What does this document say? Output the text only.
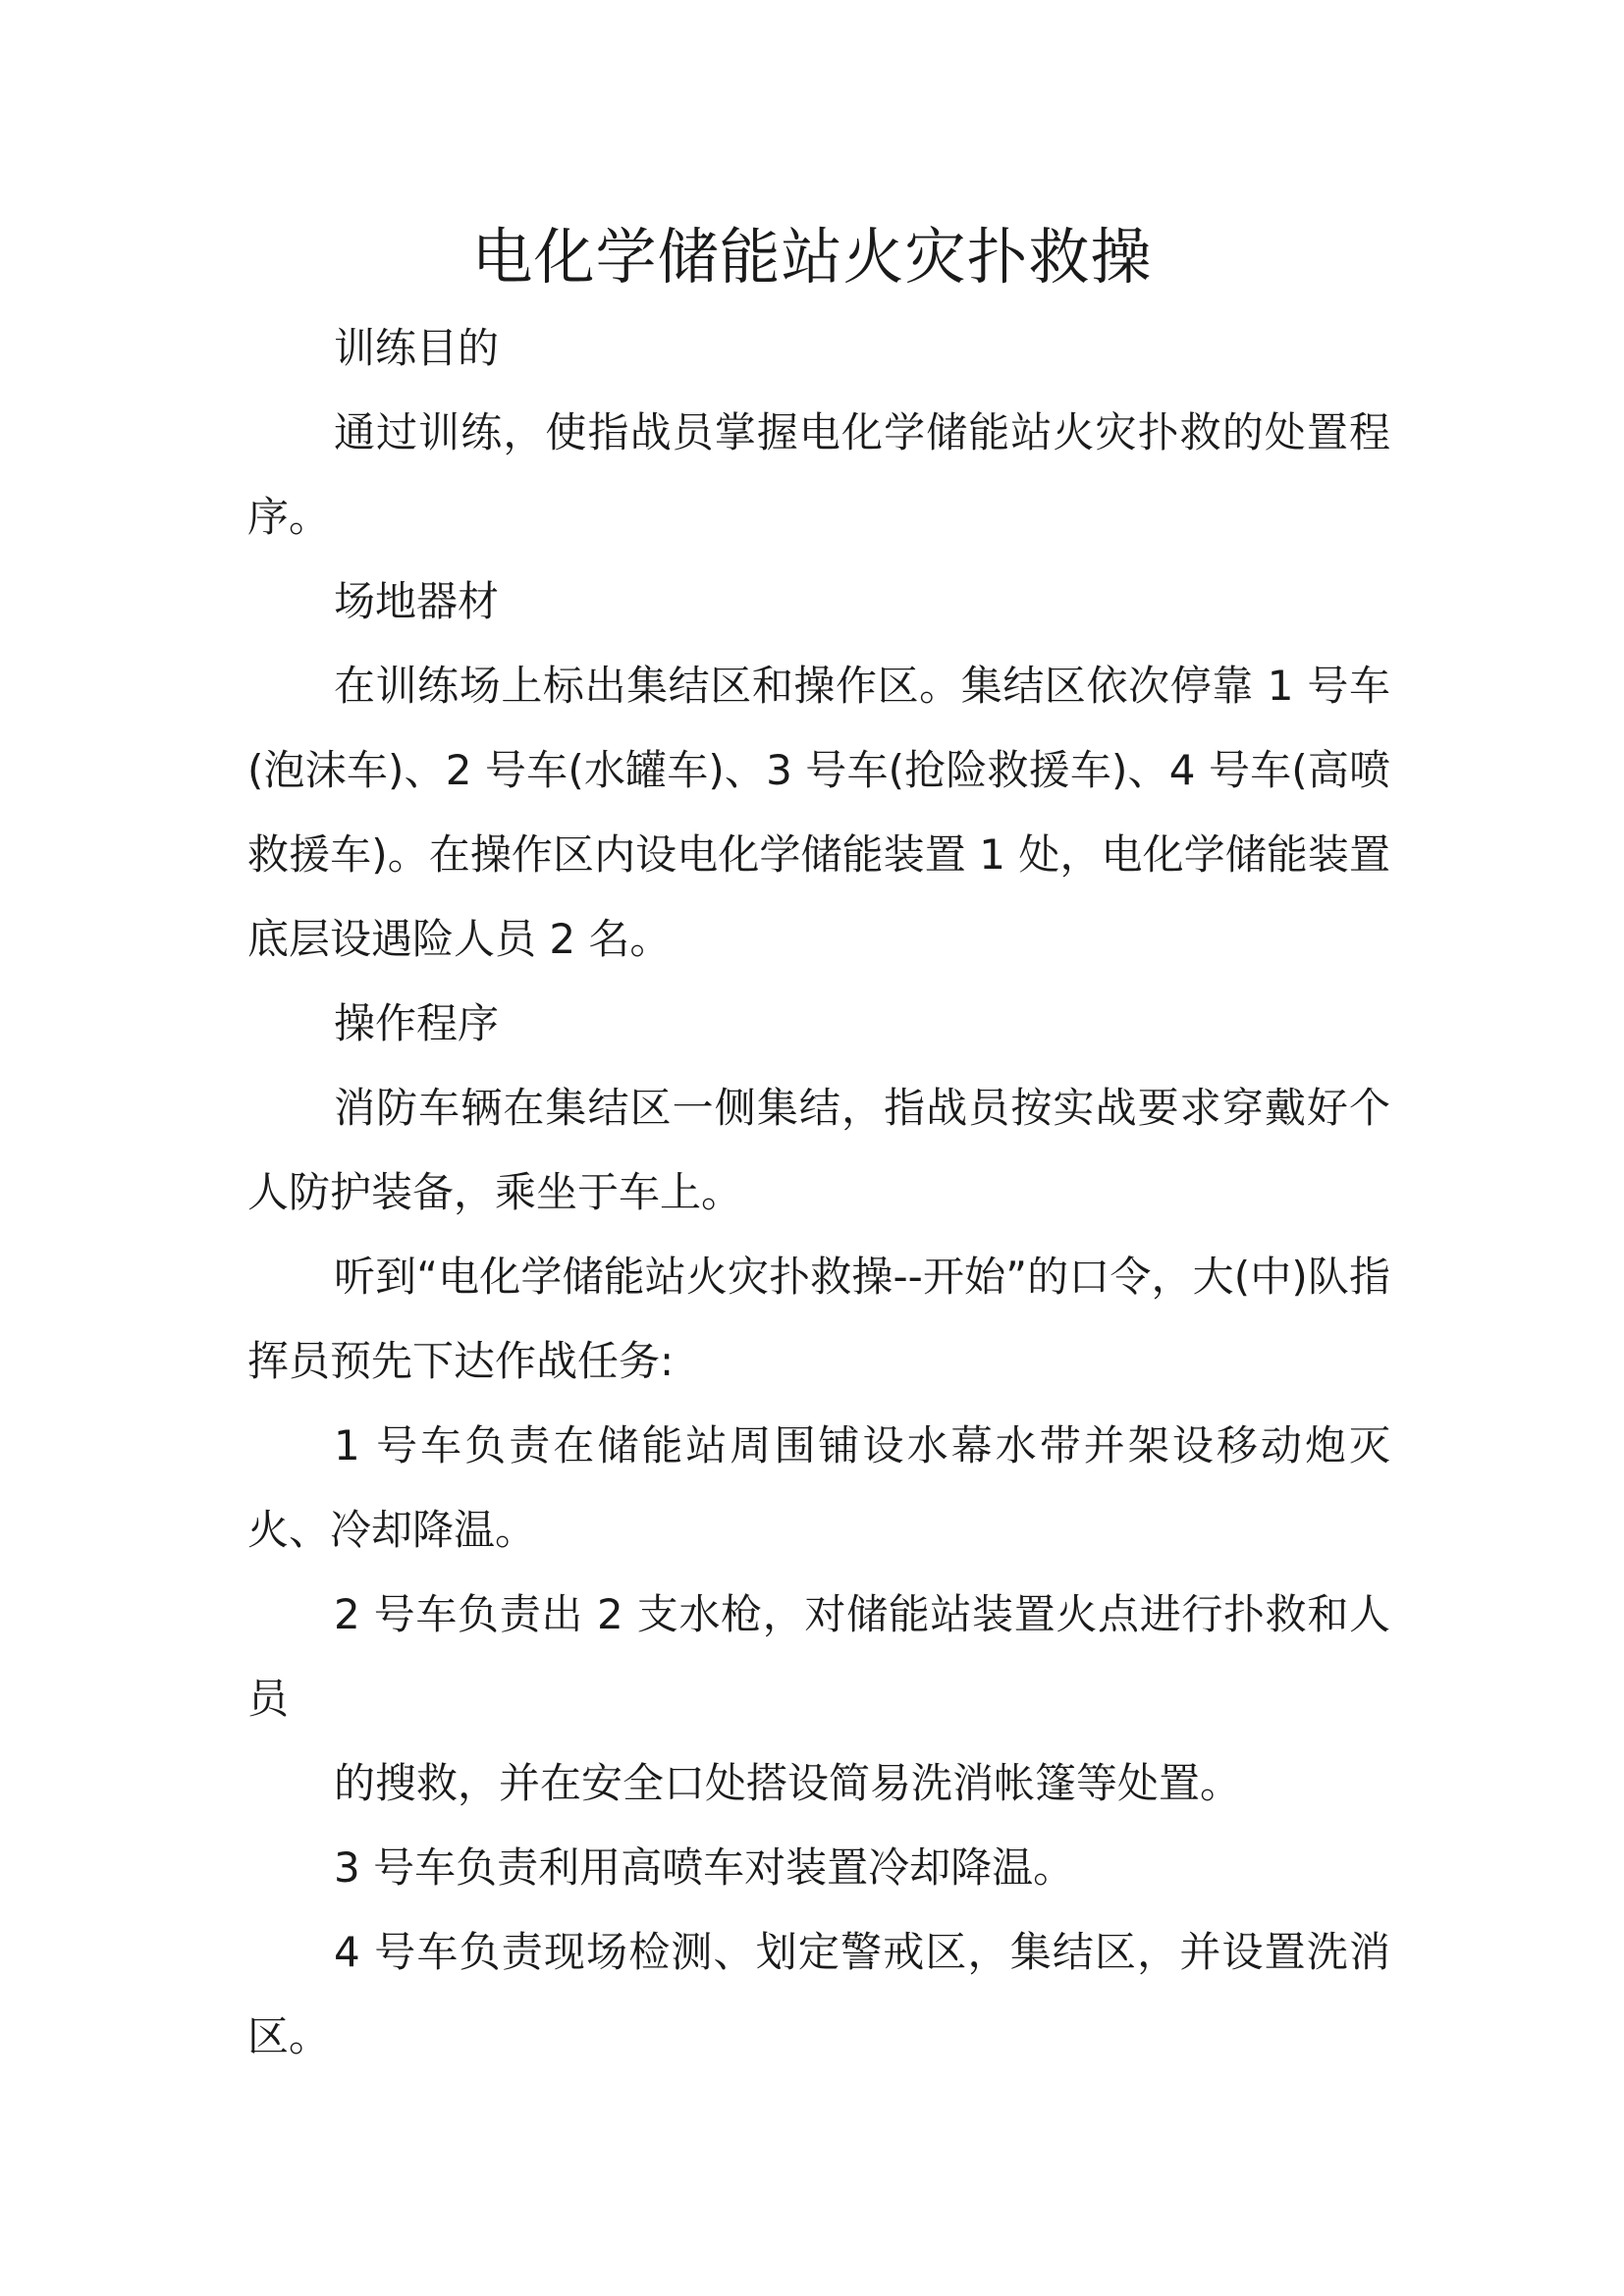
电化学储能站火灾扑救操

训练目的

通过训练，使指战员掌握电化学储能站火灾扑救的处置程序。

场地器材

在训练场上标出集结区和操作区。集结区依次停靠 1 号车(泡沫车)、2 号车(水罐车)、3 号车(抢险救援车)、4 号车(高喷救援车)。在操作区内设电化学储能装置 1 处，电化学储能装置底层设遇险人员 2 名。

操作程序

消防车辆在集结区一侧集结，指战员按实战要求穿戴好个人防护装备，乘坐于车上。

听到“电化学储能站火灾扑救操--开始”的口令，大(中)队指挥员预先下达作战任务:

1 号车负责在储能站周围铺设水幕水带并架设移动炮灭火、冷却降温。

2 号车负责出 2 支水枪，对储能站装置火点进行扑救和人员

的搜救，并在安全口处搭设简易洗消帐篷等处置。

3 号车负责利用高喷车对装置冷却降温。

4 号车负责现场检测、划定警戒区，集结区，并设置洗消区。
